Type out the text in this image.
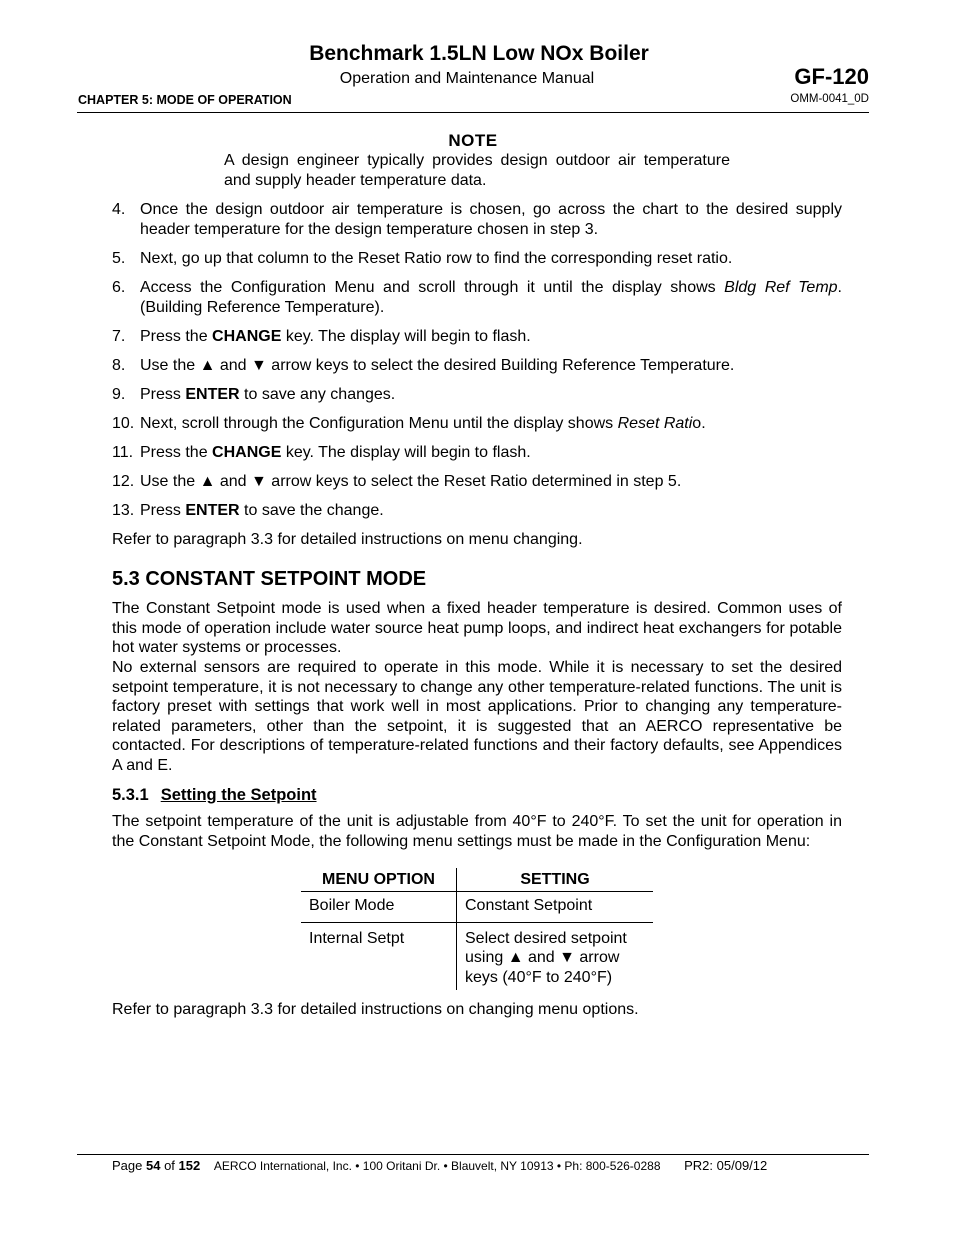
Benchmark 1.5LN Low NOx Boiler
Operation and Maintenance Manual	GF-120
CHAPTER 5: MODE OF OPERATION	OMM-0041_0D
NOTE
A design engineer typically provides design outdoor air temperature and supply header temperature data.
4. Once the design outdoor air temperature is chosen, go across the chart to the desired supply header temperature for the design temperature chosen in step 3.
5. Next, go up that column to the Reset Ratio row to find the corresponding reset ratio.
6. Access the Configuration Menu and scroll through it until the display shows Bldg Ref Temp. (Building Reference Temperature).
7. Press the CHANGE key. The display will begin to flash.
8. Use the ▲ and ▼ arrow keys to select the desired Building Reference Temperature.
9. Press ENTER to save any changes.
10. Next, scroll through the Configuration Menu until the display shows Reset Ratio.
11. Press the CHANGE key. The display will begin to flash.
12. Use the ▲ and ▼ arrow keys to select the Reset Ratio determined in step 5.
13. Press ENTER to save the change.
Refer to paragraph 3.3 for detailed instructions on menu changing.
5.3 CONSTANT SETPOINT MODE
The Constant Setpoint mode is used when a fixed header temperature is desired. Common uses of this mode of operation include water source heat pump loops, and indirect heat exchangers for potable hot water systems or processes.
No external sensors are required to operate in this mode. While it is necessary to set the desired setpoint temperature, it is not necessary to change any other temperature-related functions. The unit is factory preset with settings that work well in most applications. Prior to changing any temperature-related parameters, other than the setpoint, it is suggested that an AERCO representative be contacted. For descriptions of temperature-related functions and their factory defaults, see Appendices A and E.
5.3.1 Setting the Setpoint
The setpoint temperature of the unit is adjustable from 40°F to 240°F. To set the unit for operation in the Constant Setpoint Mode, the following menu settings must be made in the Configuration Menu:
MENU OPTION	SETTING
Boiler Mode	Constant Setpoint
Internal Setpt	Select desired setpoint using ▲ and ▼ arrow keys (40°F to 240°F)
Refer to paragraph 3.3 for detailed instructions on changing menu options.
Page 54 of 152 AERCO International, Inc. • 100 Oritani Dr. • Blauvelt, NY 10913 • Ph: 800-526-0288 PR2: 05/09/12
